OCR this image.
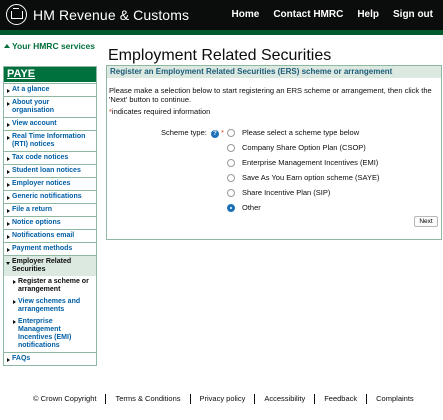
HM Revenue & Customs	Home Contact HMRC Help Sign out
Your HMRC services
PAYE
At a glance
About your organisation
View account
Real Time Information (RTI) notices
Tax code notices
Student loan notices
Employer notices
Generic notifications
File a return
Notice options
Notifications email
Payment methods
Employer Related Securities
Register a scheme or arrangement
View schemes and arrangements
Enterprise Management Incentives (EMI) notifications
FAQs
Employment Related Securities
Register an Employment Related Securities (ERS) scheme or arrangement
Please make a selection below to start registering an ERS scheme or arrangement, then click the 'Next' button to continue.
*indicates required information
Scheme type: ? * Please select a scheme type below
Company Share Option Plan (CSOP)
Enterprise Management Incentives (EMI)
Save As You Earn option scheme (SAYE)
Share Incentive Plan (SIP)
Other
Next
© Crown Copyright	Terms & Conditions	Privacy policy	Accessibility	Feedback	Complaints
